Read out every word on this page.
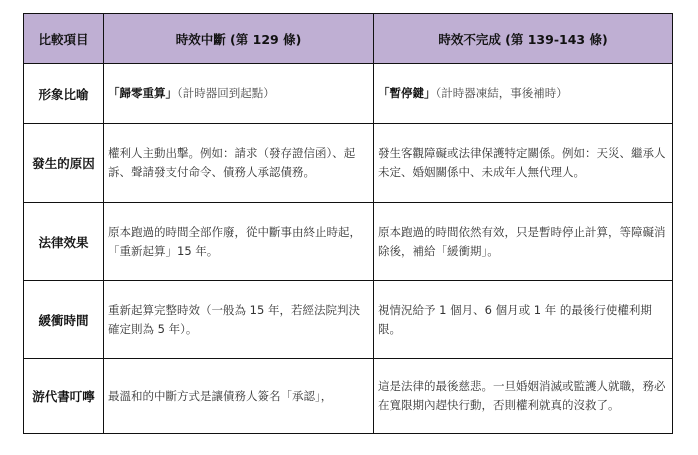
比較項目	時效中斷 (第 129 條)	時效不完成 (第 139-143 條)
形象比喻	「歸零重算」（計時器回到起點）	「暫停鍵」（計時器凍結，事後補時）
發生的原因	權利人主動出擊。例如：請求（發存證信函）、起訴、聲請發支付命令、債務人承認債務。	發生客觀障礙或法律保護特定關係。例如：天災、繼承人未定、婚姻關係中、未成年人無代理人。
法律效果	原本跑過的時間全部作廢，從中斷事由終止時起，「重新起算」15 年。	原本跑過的時間依然有效，只是暫時停止計算，等障礙消除後，補給「緩衝期」。
緩衝時間	重新起算完整時效（一般為 15 年，若經法院判決確定則為 5 年）。	視情況給予 1 個月、6 個月或 1 年 的最後行使權利期限。
游代書叮嚀	最溫和的中斷方式是讓債務人簽名「承認」，	這是法律的最後慈悲。一旦婚姻消滅或監護人就職，務必在寬限期內趕快行動，否則權利就真的沒救了。
